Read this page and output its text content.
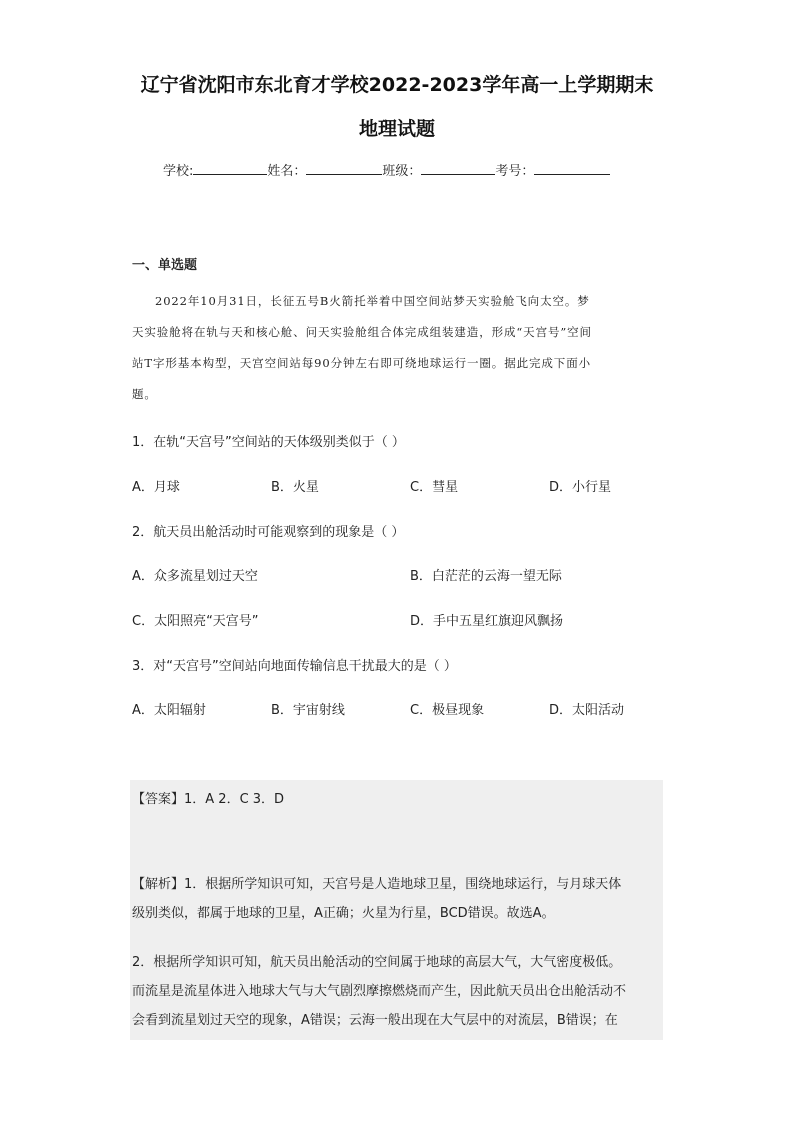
辽宁省沈阳市东北育才学校2022-2023学年高一上学期期末
地理试题
学校:	姓名：	班级：	考号：
一、单选题

2022年10月31日，长征五号B火箭托举着中国空间站梦天实验舱飞向太空。梦

天实验舱将在轨与天和核心舱、问天实验舱组合体完成组装建造，形成“天宫号”空间
站T字形基本构型，天宫空间站每90分钟左右即可绕地球运行一圈。据此完成下面小
题。
1．在轨“天宫号”空间站的天体级别类似于（ ）
A．月球	B．火星	C．彗星	D．小行星
2．航天员出舱活动时可能观察到的现象是（ ）
A．众多流星划过天空	B．白茫茫的云海一望无际
C．太阳照亮“天宫号”	D．手中五星红旗迎风飘扬
3．对“天宫号”空间站向地面传输信息干扰最大的是（ ）
A．太阳辐射	B．宇宙射线	C．极昼现象	D．太阳活动
【答案】1．A 2．C 3．D

【解析】1．根据所学知识可知，天宫号是人造地球卫星，围绕地球运行，与月球天体

级别类似，都属于地球的卫星，A正确；火星为行星，BCD错误。故选A。

2．根据所学知识可知，航天员出舱活动的空间属于地球的高层大气，大气密度极低。

而流星是流星体进入地球大气与大气剧烈摩擦燃烧而产生，因此航天员出仓出舱活动不

会看到流星划过天空的现象，A错误；云海一般出现在大气层中的对流层，B错误；在
